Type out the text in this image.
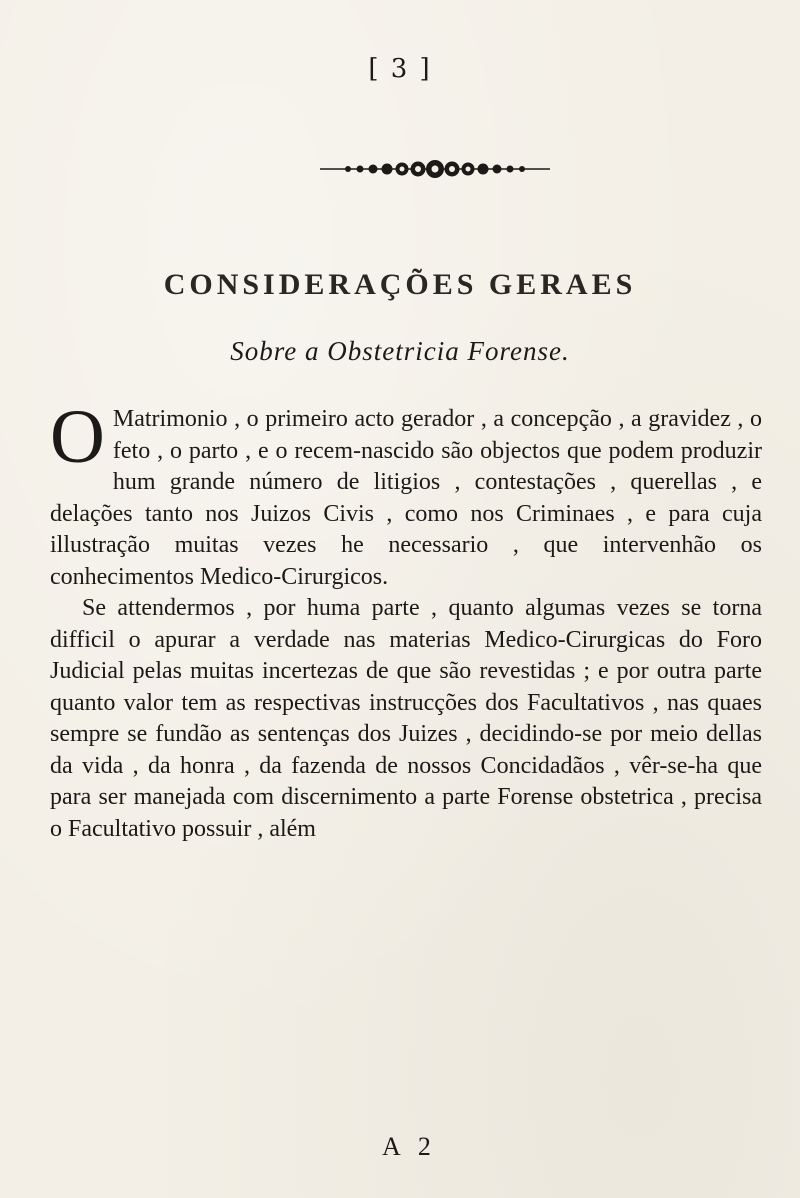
[ 3 ]
CONSIDERAÇÕES GERAES
Sobre a Obstetricia Forense.

O Matrimonio , o primeiro acto gerador , a concepção , a gravidez , o feto , o parto , e o recem-nascido são objectos que podem produzir hum grande número de litigios , contestações , querellas , e delações tanto nos Juizos Civis , como nos Criminaes , e para cuja illustração muitas vezes he necessario , que intervenhão os conhecimentos Medico-Cirurgicos.

Se attendermos , por huma parte , quanto algumas vezes se torna difficil o apurar a verdade nas materias Medico-Cirurgicas do Foro Judicial pelas muitas incertezas de que são revestidas ; e por outra parte quanto valor tem as respectivas instrucções dos Facultativos , nas quaes sempre se fundão as sentenças dos Juizes , decidindo-se por meio dellas da vida , da honra , da fazenda de nossos Concidadãos , vêr-se-ha que para ser manejada com discernimento a parte Forense obstetrica , precisa o Facultativo possuir , além

A 2
